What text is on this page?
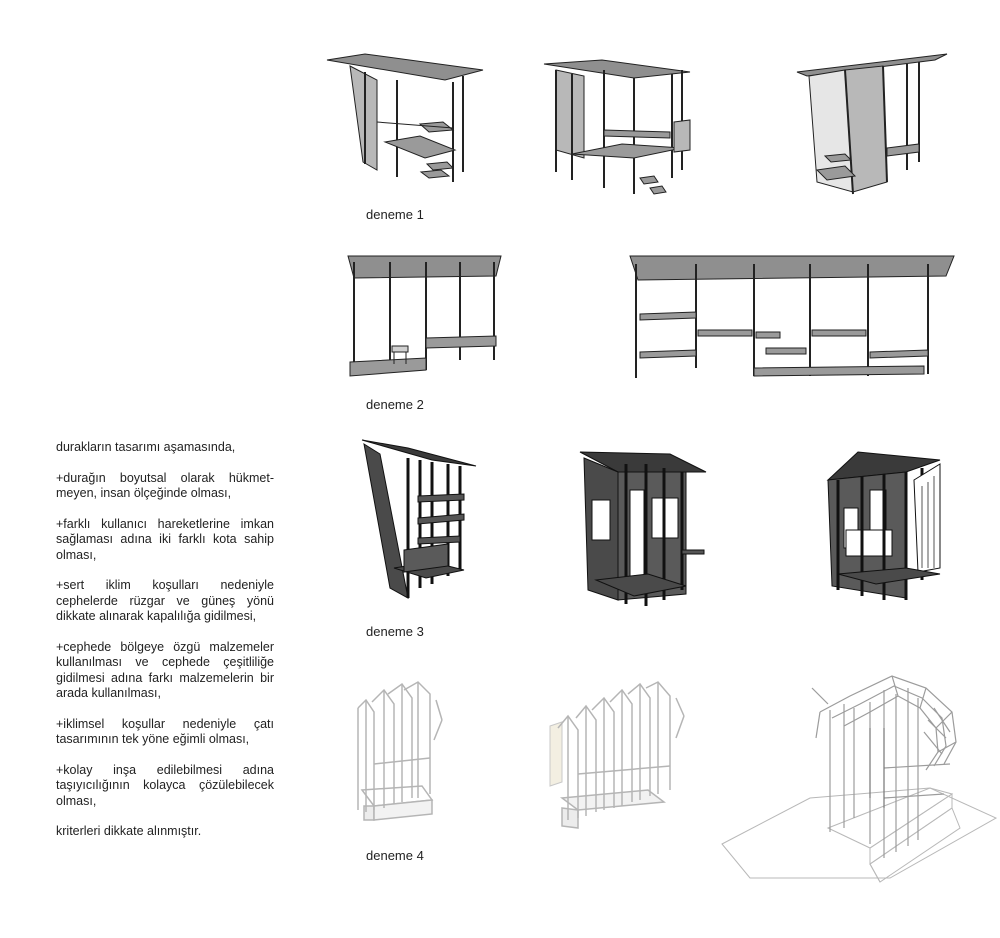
deneme 1
deneme 2
deneme 3
deneme 4

durakların tasarımı aşamasında,

+durağın boyutsal olarak hükmet-meyen, insan ölçeğinde olması,

+farklı kullanıcı hareketlerine imkan sağlaması adına iki farklı kota sahip olması,

+sert iklim koşulları nedeniyle cephelerde rüzgar ve güneş yönü dikkate alınarak kapalılığa gidilmesi,

+cephede bölgeye özgü malzemeler kullanılması ve cephede çeşitliliğe gidilmesi adına farkı malzemelerin bir arada kullanılması,

+iklimsel koşullar nedeniyle çatı tasarımının tek yöne eğimli olması,

+kolay inşa edilebilmesi adına taşıyıcılığının kolayca çözülebilecek olması,

kriterleri dikkate alınmıştır.
